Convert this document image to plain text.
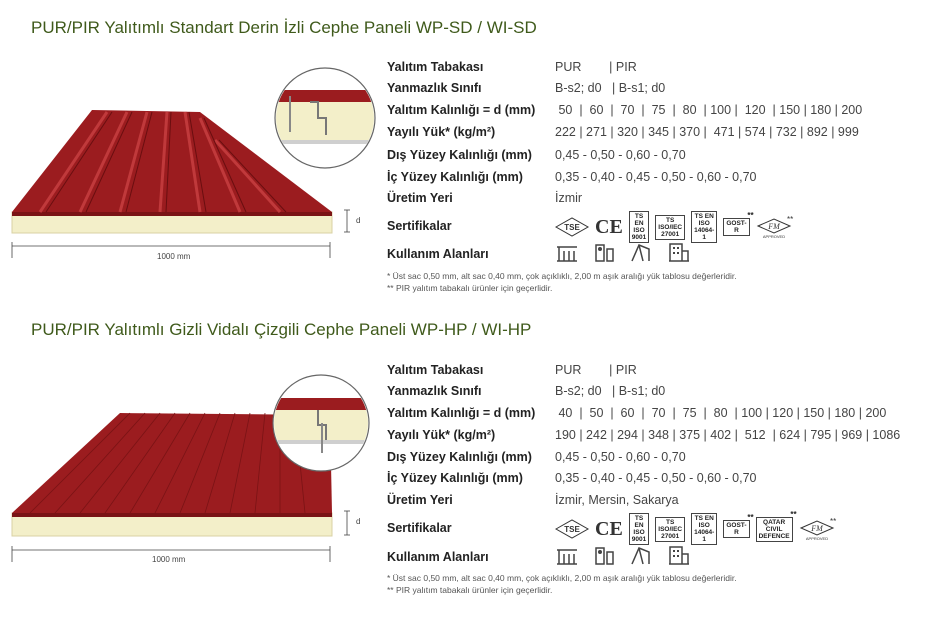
PUR/PIR Yalıtımlı Standart Derin İzli Cephe Paneli WP-SD / WI-SD
1000 mm
d
Yalıtım Tabakası	PUR        | PIR
Yanmazlık Sınıfı	B-s2; d0   | B-s1; d0
Yalıtım Kalınlığı = d (mm) 50  |  60  |  70  |  75  |  80  | 100 |  120  | 150 | 180 | 200
Yayılı Yük* (kg/m²)	222 | 271 | 320 | 345 | 370 |  471 | 574 | 732 | 892 | 999
Dış Yüzey Kalınlığı (mm) 0,45 - 0,50 - 0,60 - 0,70
İç Yüzey Kalınlığı (mm)	0,35 - 0,40 - 0,45 - 0,50 - 0,60 - 0,70
Üretim Yeri	İzmir
Sertifikalar	TSE CE	TS EN ISO
9001
TS ISO/IEC
27001
TS EN ISO
14064-1
GOST-R
**
FM
APPROVED
**
Kullanım Alanları
* Üst sac 0,50 mm, alt sac 0,40 mm, çok açıklıklı, 2,00 m aşık aralığı yük tablosu değerleridir.
** PIR yalıtım tabakalı ürünler için geçerlidir.
PUR/PIR Yalıtımlı Gizli Vidalı Çizgili Cephe Paneli WP-HP / WI-HP
1000 mm
d
Yalıtım Tabakası	PUR        | PIR
Yanmazlık Sınıfı	B-s2; d0   | B-s1; d0
Yalıtım Kalınlığı = d (mm) 40  |  50  |  60  |  70  |  75  |  80  | 100 | 120 | 150 | 180 | 200
Yayılı Yük* (kg/m²)	190 | 242 | 294 | 348 | 375 | 402 |  512  | 624 | 795 | 969 | 1086
Dış Yüzey Kalınlığı (mm) 0,45 - 0,50 - 0,60 - 0,70
İç Yüzey Kalınlığı (mm)	0,35 - 0,40 - 0,45 - 0,50 - 0,60 - 0,70
Üretim Yeri	İzmir, Mersin, Sakarya
Sertifikalar	TSE CE	TS EN ISO
9001
TS ISO/IEC
27001
TS EN ISO
14064-1
GOST-R
**	QATAR CIVIL DEFENCE
**
FM
APPROVED
**
Kullanım Alanları
* Üst sac 0,50 mm, alt sac 0,40 mm, çok açıklıklı, 2,00 m aşık aralığı yük tablosu değerleridir.
** PIR yalıtım tabakalı ürünler için geçerlidir.
